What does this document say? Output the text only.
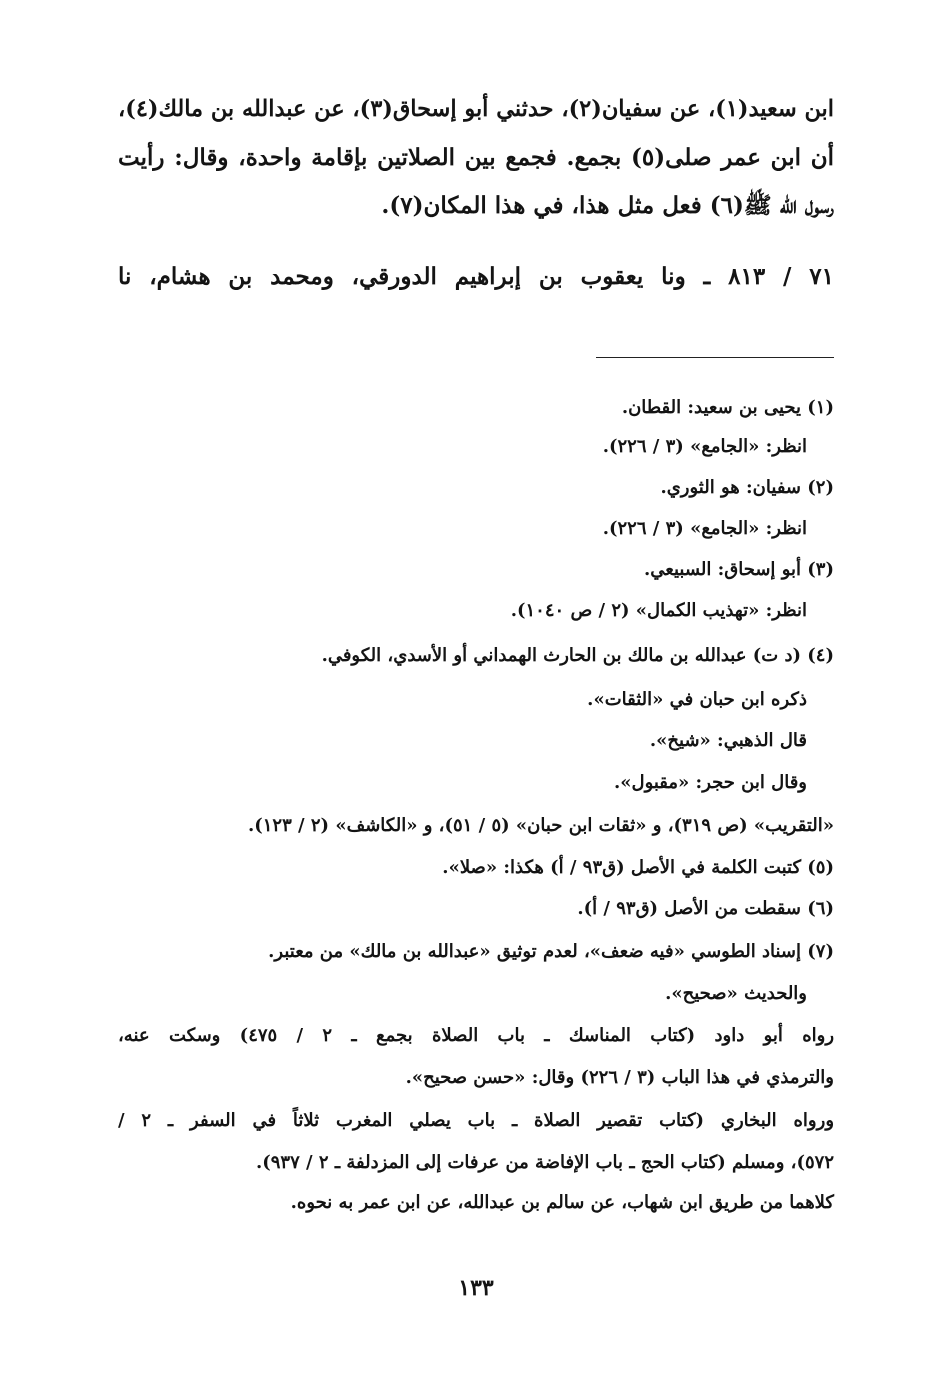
ابن سعيد(١)، عن سفيان(٢)، حدثني أبو إسحاق(٣)، عن عبدالله بن مالك(٤)،
أن ابن عمر صلى(٥) بجمع. فجمع بين الصلاتين بإقامة واحدة، وقال: رأيت
رسول الله ﷺ(٦) فعل مثل هذا، في هذا المكان(٧).
٧١ / ٨١٣ ـ ونا يعقوب بن إبراهيم الدورقي، ومحمد بن هشام، نا
(١) يحيى بن سعيد: القطان.
انظر: «الجامع» (٣ / ٢٢٦).
(٢) سفيان: هو الثوري.
انظر: «الجامع» (٣ / ٢٢٦).
(٣) أبو إسحاق: السبيعي.
انظر: «تهذيب الكمال» (٢ / ص ١٠٤٠).
(٤) (د ت) عبدالله بن مالك بن الحارث الهمداني أو الأسدي، الكوفي.
ذكره ابن حبان في «الثقات».
قال الذهبي: «شيخ».
وقال ابن حجر: «مقبول».
«التقريب» (ص ٣١٩)، و «ثقات ابن حبان» (٥ / ٥١)، و «الكاشف» (٢ / ١٢٣).
(٥) كتبت الكلمة في الأصل (ق٩٣ / أ) هكذا: «صلا».
(٦) سقطت من الأصل (ق٩٣ / أ).
(٧) إسناد الطوسي «فيه ضعف»، لعدم توثيق «عبدالله بن مالك» من معتبر.
والحديث «صحيح».
رواه أبو داود (كتاب المناسك ـ باب الصلاة بجمع ـ ٢ / ٤٧٥) وسكت عنه،
والترمذي في هذا الباب (٣ / ٢٢٦) وقال: «حسن صحيح».
ورواه البخاري (كتاب تقصير الصلاة ـ باب يصلي المغرب ثلاثاً في السفر ـ ٢ /
٥٧٢)، ومسلم (كتاب الحج ـ باب الإفاضة من عرفات إلى المزدلفة ـ ٢ / ٩٣٧).
كلاهما من طريق ابن شهاب، عن سالم بن عبدالله، عن ابن عمر به نحوه.
١٣٣
